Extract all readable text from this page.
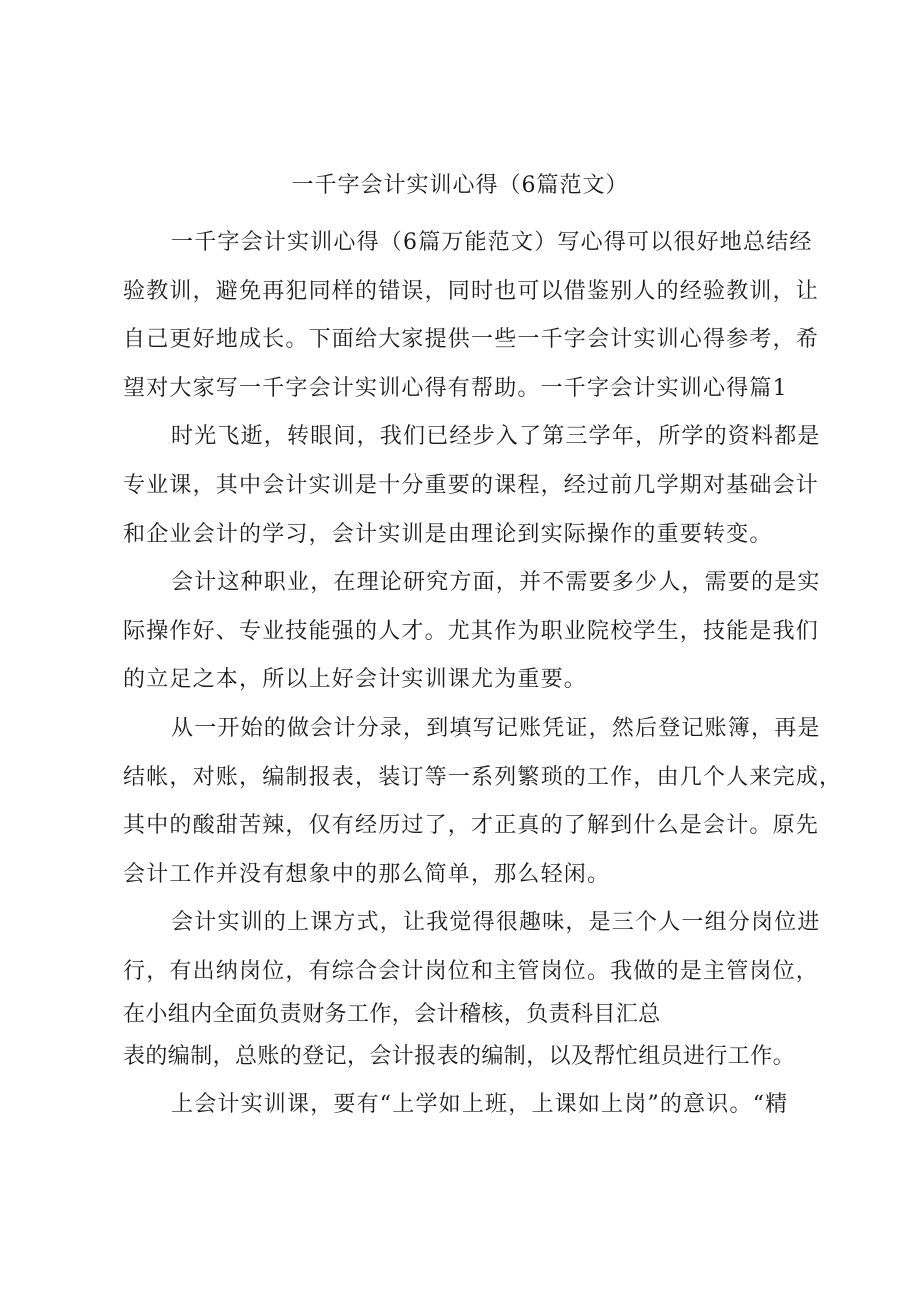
一千字会计实训心得（6篇范文）
一千字会计实训心得（6篇万能范文）写心得可以很好地总结经
验教训，避免再犯同样的错误，同时也可以借鉴别人的经验教训，让
自己更好地成长。下面给大家提供一些一千字会计实训心得参考，希
望对大家写一千字会计实训心得有帮助。一千字会计实训心得篇1
时光飞逝，转眼间，我们已经步入了第三学年，所学的资料都是
专业课，其中会计实训是十分重要的课程，经过前几学期对基础会计
和企业会计的学习，会计实训是由理论到实际操作的重要转变。
会计这种职业，在理论研究方面，并不需要多少人，需要的是实
际操作好、专业技能强的人才。尤其作为职业院校学生，技能是我们
的立足之本，所以上好会计实训课尤为重要。
从一开始的做会计分录，到填写记账凭证，然后登记账簿，再是
结帐，对账，编制报表，装订等一系列繁琐的工作，由几个人来完成，
其中的酸甜苦辣，仅有经历过了，才正真的了解到什么是会计。原先
会计工作并没有想象中的那么简单，那么轻闲。
会计实训的上课方式，让我觉得很趣味，是三个人一组分岗位进
行，有出纳岗位，有综合会计岗位和主管岗位。我做的是主管岗位，
在小组内全面负责财务工作，会计稽核，负责科目汇总
表的编制，总账的登记，会计报表的编制，以及帮忙组员进行工作。
上会计实训课，要有“上学如上班，上课如上岗”的意识。“精
